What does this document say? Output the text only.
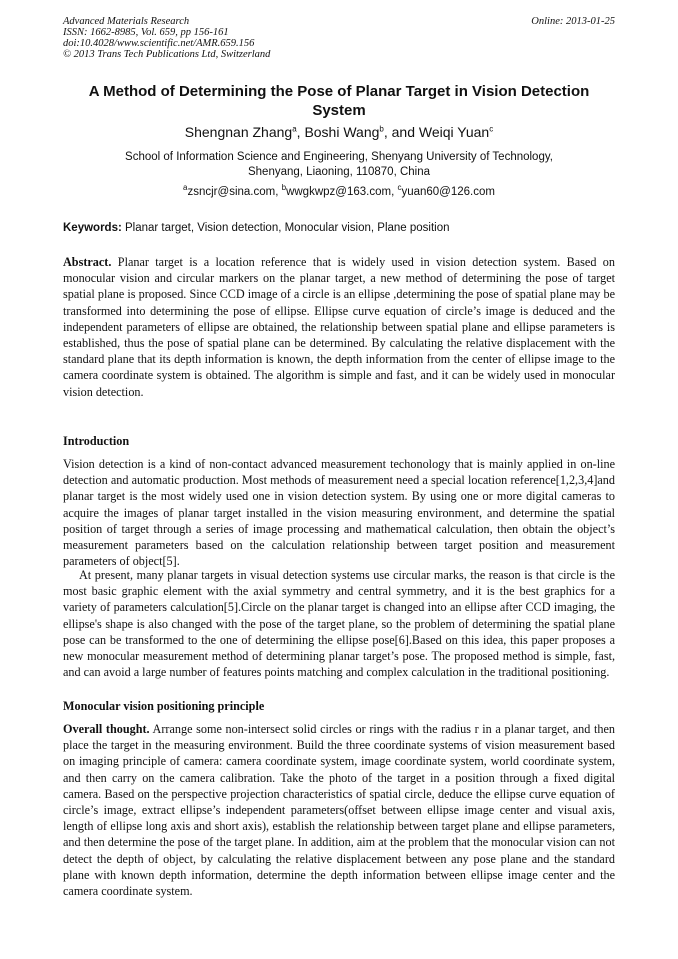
Advanced Materials Research
ISSN: 1662-8985, Vol. 659, pp 156-161
doi:10.4028/www.scientific.net/AMR.659.156
© 2013 Trans Tech Publications Ltd, Switzerland
Online: 2013-01-25
A Method of Determining the Pose of Planar Target in Vision Detection System
Shengnan Zhang$^a$, Boshi Wang$^b$, and Weiqi Yuan$^c$
School of Information Science and Engineering, Shenyang University of Technology,
Shenyang, Liaoning, 110870, China
$^a$zsncjr@sina.com, $^b$wwgkwpz@163.com, $^c$yuan60@126.com
Keywords: Planar target, Vision detection, Monocular vision, Plane position
Abstract. Planar target is a location reference that is widely used in vision detection system. Based on monocular vision and circular markers on the planar target, a new method of determining the pose of target spatial plane is proposed. Since CCD image of a circle is an ellipse ,determining the pose of spatial plane may be transformed into determining the pose of ellipse. Ellipse curve equation of circle’s image is deduced and the independent parameters of ellipse are obtained, the relationship between spatial plane and ellipse parameters is established, thus the pose of spatial plane can be determined. By calculating the relative displacement with the standard plane that its depth information is known, the depth information from the center of ellipse image to the camera coordinate system is obtained. The algorithm is simple and fast, and it can be widely used in monocular vision detection.
Introduction
Vision detection is a kind of non-contact advanced measurement techonology that is mainly applied in on-line detection and automatic production. Most methods of measurement need a special location reference[1,2,3,4]and planar target is the most widely used one in vision detection system. By using one or more digital cameras to acquire the images of planar target installed in the vision measuring environment, and determine the spatial position of target through a series of image processing and mathematical calculation, then obtain the object’s measurement parameters based on the calculation relationship between target position and measurement parameters of object[5].
At present, many planar targets in visual detection systems use circular marks, the reason is that circle is the most basic graphic element with the axial symmetry and central symmetry, and it is the best graphics for a variety of parameters calculation[5].Circle on the planar target is changed into an ellipse after CCD imaging, the ellipse's shape is also changed with the pose of the target plane, so the problem of determining the spatial plane pose can be transformed to the one of determining the ellipse pose[6].Based on this idea, this paper proposes a new monocular measurement method of determining planar target’s pose. The proposed method is simple, fast, and can avoid a large number of features points matching and complex calculation in the traditional positioning.
Monocular vision positioning principle
Overall thought. Arrange some non-intersect solid circles or rings with the radius r in a planar target, and then place the target in the measuring environment. Build the three coordinate systems of vision measurement based on imaging principle of camera: camera coordinate system, image coordinate system, world coordinate system, and then carry on the camera calibration. Take the photo of the target in a position through a fixed digital camera. Based on the perspective projection characteristics of spatial circle, deduce the ellipse curve equation of circle’s image, extract ellipse’s independent parameters(offset between ellipse image center and visual axis, length of ellipse long axis and short axis), establish the relationship between target plane and ellipse parameters, and then determine the pose of the target plane. In addition, aim at the problem that the monocular vision can not detect the depth of object, by calculating the relative displacement between any pose plane and the standard plane with known depth information, determine the depth information between ellipse image center and the camera coordinate system.
